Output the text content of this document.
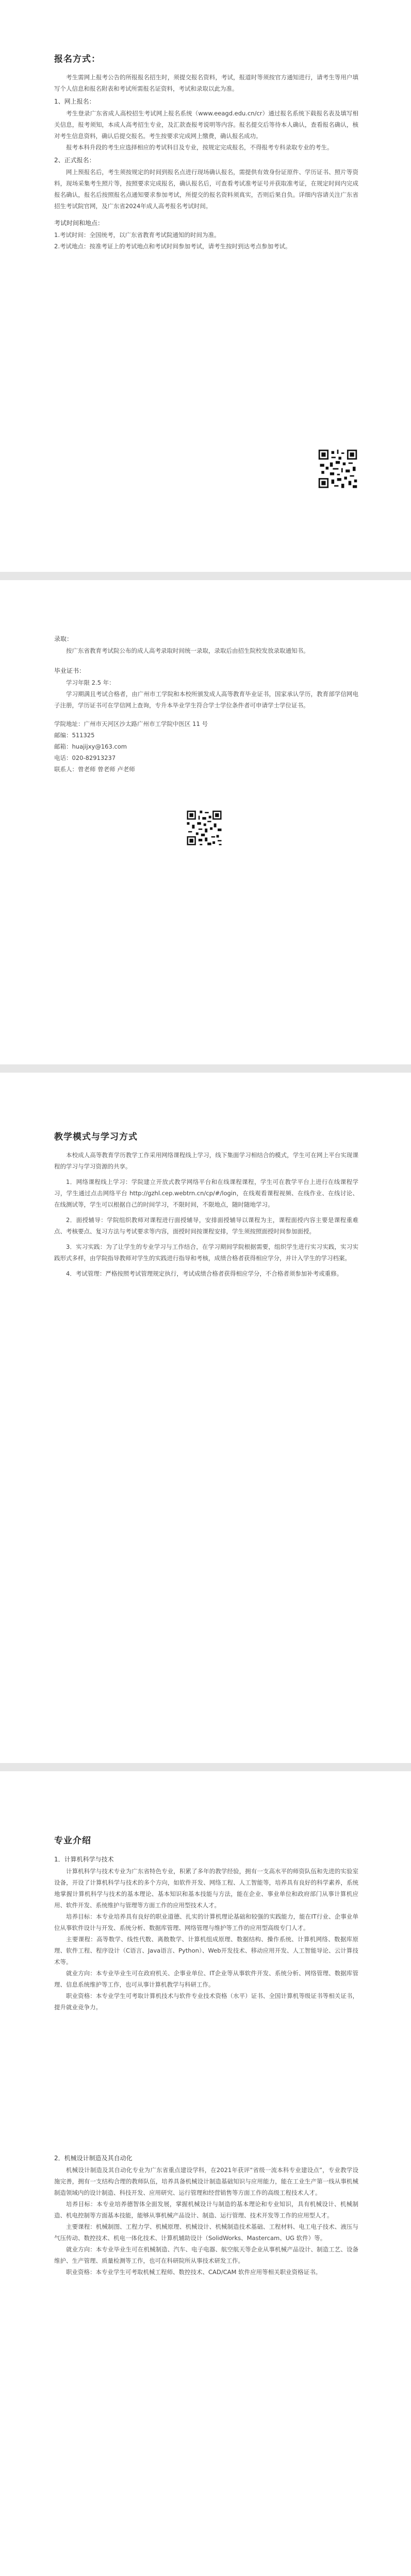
报名方式：

考生需网上报考公告的所报报名招生时，须提交报名资料，考试，报道时等须按官方通知进行，请考生等用户填写个人信息和报名附表和考试所需报名证资料，考试和录取以此为准。

1、网上报名：

考生登录广东省成人高校招生考试网上报名系统（www.eeagd.edu.cn/cr）通过报名系统下载报名表及填写相关信息，报考须知，本成人高考招生专业，及汇款查报考说明等内容。报名提交后等待本人确认，查看报名确认，核对考生信息资料，确认后提交报名。考生按要求完成网上缴费，确认报名成功。

报考本科升段的考生应选择相应的考试科目及专业，按规定完成报名，不得报考专科录取专业的考生。

2、正式报名：

网上预报名后，考生须按规定的时间到报名点进行现场确认报名，需提供有效身份证原件、学历证书、照片等资料，现场采集考生照片等，按照要求完成报名，确认报名后，可查看考试准考证号并获取准考证，在规定时间内完成报名确认，报名后按照报名点通知要求参加考试，所提交的报名资料须真实，否则后果自负。详细内容请关注广东省招生考试院官网，及广东省2024年成人高考报名考试时间。

考试时间和地点：

1.考试时间：全国统考，以广东省教育考试院通知的时间为准。

2.考试地点：按准考证上的考试地点和考试时间参加考试，请考生按时到达考点参加考试。

录取：

按广东省教育考试院公布的成人高考录取时间统一录取，录取后由招生院校发放录取通知书。

毕业证书：

学习年限 2.5 年：

学习期满且考试合格者，由广州市工学院和本校所颁发成人高等教育毕业证书，国家承认学历，教育部学信网电子注册，学历证书可在学信网上查询，专升本毕业学生符合学士学位条件者可申请学士学位证书。

学院地址：广州市天河区沙太路广州市工学院中医区 11 号

邮编：511325

邮箱：huajijxy@163.com

电话：020-82913237

联系人：曾老师 曾老师 卢老师

教学模式与学习方式

本校成人高等教育学历教学工作采用网络课程线上学习，线下集面学习相结合的模式，学生可在网上平台实现课程的学习与学习资源的共享。

1．网络课程线上学习：学院建立开放式教学网络平台和在线课程课程，学生可在教学平台上进行在线课程学习，学生通过点击网络平台 http://gzhl.cep.webtrn.cn/cp/#/login，在线观看课程视频、在线作业、在线讨论、在线测试等，学生可以根据自己的时间学习，不限时间，不限地点，随时随地学习。

2．面授辅导：学院组织教师对课程进行面授辅导，安排面授辅导以课程为主，课程面授内容主要是课程重难点、考核要点、复习方法与考试要求等内容，面授时间按课程安排，学生须按照面授时间参加面授。

3．实习实践：为了让学生的专业学习与工作结合，在学习期间学院根据需要，组织学生进行实习实践，实习实践形式多样，由学院指导教师对学生的实践进行指导和考核，成绩合格者获得相应学分，并计入学生的学习档案。

4．考试管理：严格按照考试管理规定执行，考试成绩合格者获得相应学分，不合格者须参加补考或重修。

专业介绍

1．计算机科学与技术

计算机科学与技术专业为广东省特色专业，积累了多年的教学经验，拥有一支高水平的师资队伍和先进的实验室设备，开设了计算机科学与技术的多个方向，如软件开发、网络工程、人工智能等，培养具有良好的科学素养，系统地掌握计算机科学与技术的基本理论、基本知识和基本技能与方法，能在企业、事业单位和政府部门从事计算机应用、软件开发、系统维护与管理等方面工作的应用型技术人才。

培养目标：本专业培养具有良好的职业道德、扎实的计算机理论基础和较强的实践能力，能在IT行业、企事业单位从事软件设计与开发、系统分析、数据库管理、网络管理与维护等工作的应用型高级专门人才。

主要课程：高等数学、线性代数、离散数学、计算机组成原理、数据结构、操作系统、计算机网络、数据库原理、软件工程、程序设计（C语言、Java语言、Python）、Web开发技术、移动应用开发、人工智能导论、云计算技术等。

就业方向：本专业毕业生可在政府机关、企事业单位、IT企业等从事软件开发、系统分析、网络管理、数据库管理、信息系统维护等工作，也可从事计算机教学与科研工作。

职业资格：本专业学生可考取计算机技术与软件专业技术资格（水平）证书、全国计算机等级证书等相关证书，提升就业竞争力。

2．机械设计制造及其自动化

机械设计制造及其自动化专业为广东省重点建设学科，在2021年获评“省级一流本科专业建设点”，专业教学设施完善，拥有一支结构合理的教师队伍，培养具备机械设计制造基础知识与应用能力，能在工业生产第一线从事机械制造领域内的设计制造、科技开发、应用研究、运行管理和经营销售等方面工作的高级工程技术人才。

培养目标：本专业培养德智体全面发展，掌握机械设计与制造的基本理论和专业知识，具有机械设计、机械制造、机电控制等方面基本技能，能够从事机械产品设计、制造、运行管理、技术开发等工作的应用型人才。

主要课程：机械制图、工程力学、机械原理、机械设计、机械制造技术基础、工程材料、电工电子技术、液压与气压传动、数控技术、机电一体化技术、计算机辅助设计（SolidWorks、Mastercam、UG 软件）等。

就业方向：本专业毕业生可在机械制造、汽车、电子电器、航空航天等企业从事机械产品设计、制造工艺、设备维护、生产管理、质量检测等工作，也可在科研院所从事技术研发工作。

职业资格：本专业学生可考取机械工程师、数控技术、CAD/CAM 软件应用等相关职业资格证书。
